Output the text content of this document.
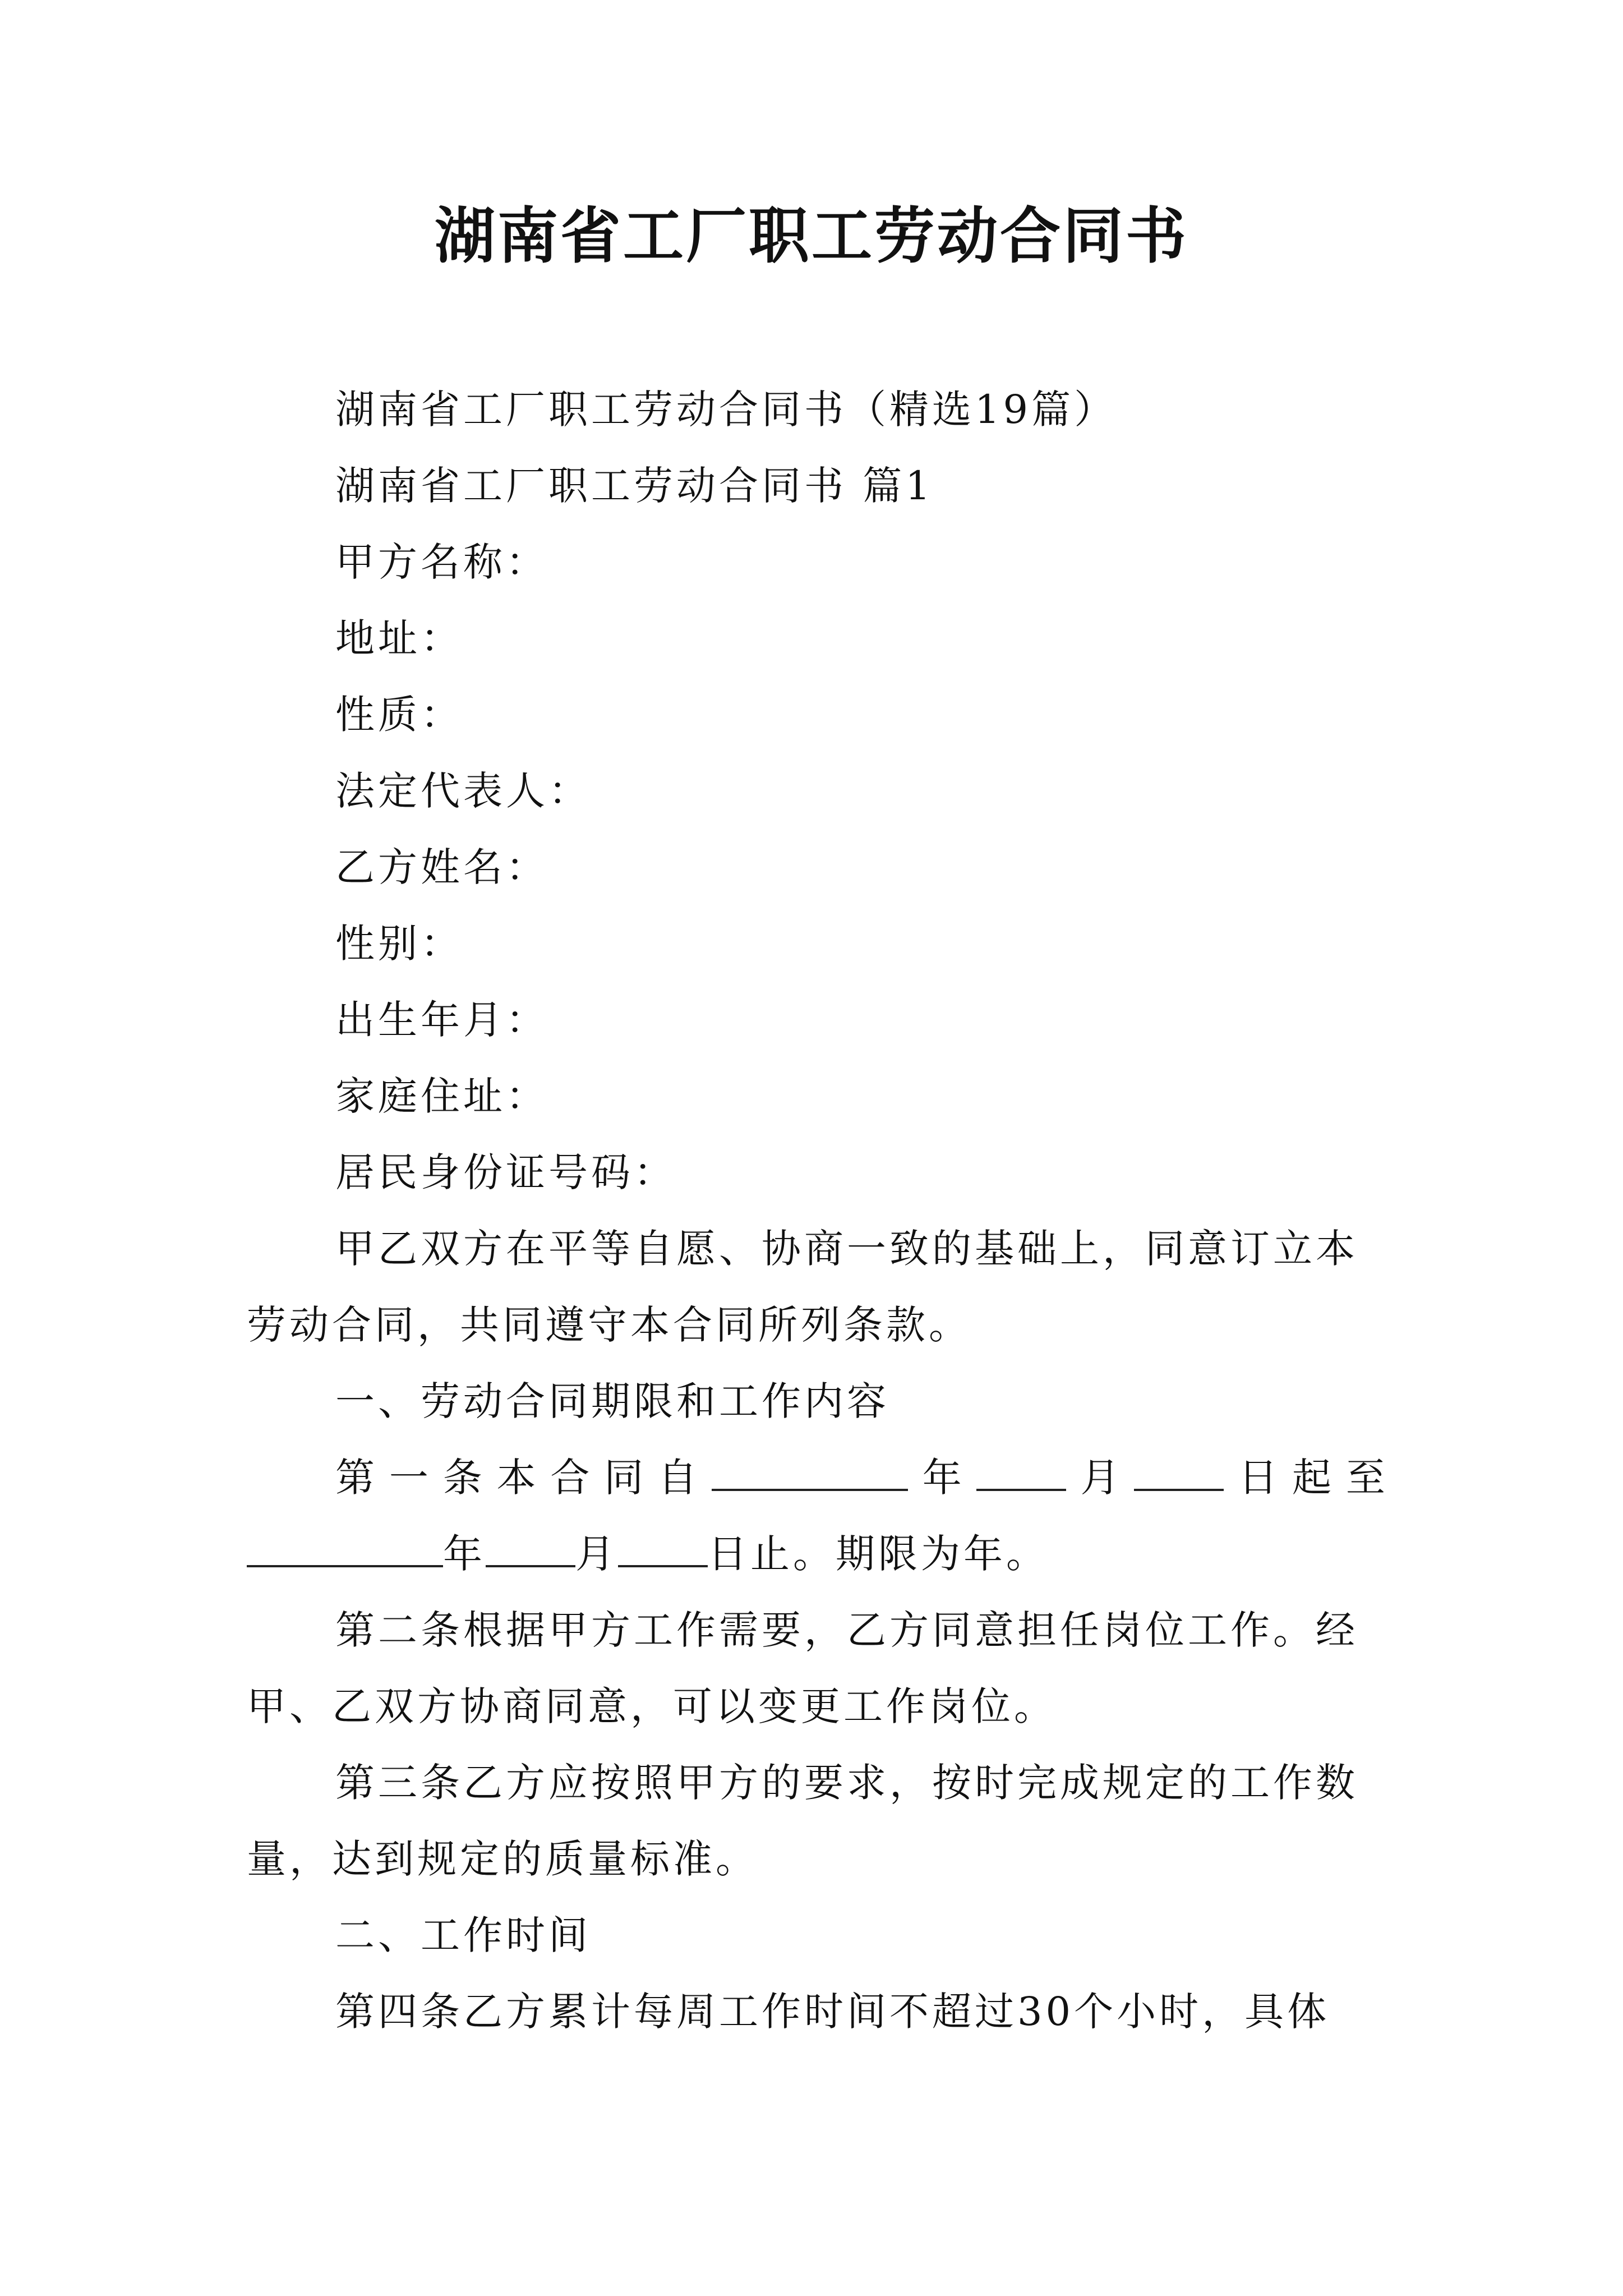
湖南省工厂职工劳动合同书
湖南省工厂职工劳动合同书（精选19篇）
湖南省工厂职工劳动合同书 篇1
甲方名称：
地址：
性质：
法定代表人：
乙方姓名：
性别：
出生年月：
家庭住址：
居民身份证号码：
甲乙双方在平等自愿、协商一致的基础上，同意订立本
劳动合同，共同遵守本合同所列条款。
一、劳动合同期限和工作内容
第 一 条 本 合 同 自	年	月	日 起 至
年 月 日止。期限为年。
第二条根据甲方工作需要，乙方同意担任岗位工作。经
甲、乙双方协商同意，可以变更工作岗位。
第三条乙方应按照甲方的要求，按时完成规定的工作数
量，达到规定的质量标准。
二、工作时间
第四条乙方累计每周工作时间不超过30个小时，具体
